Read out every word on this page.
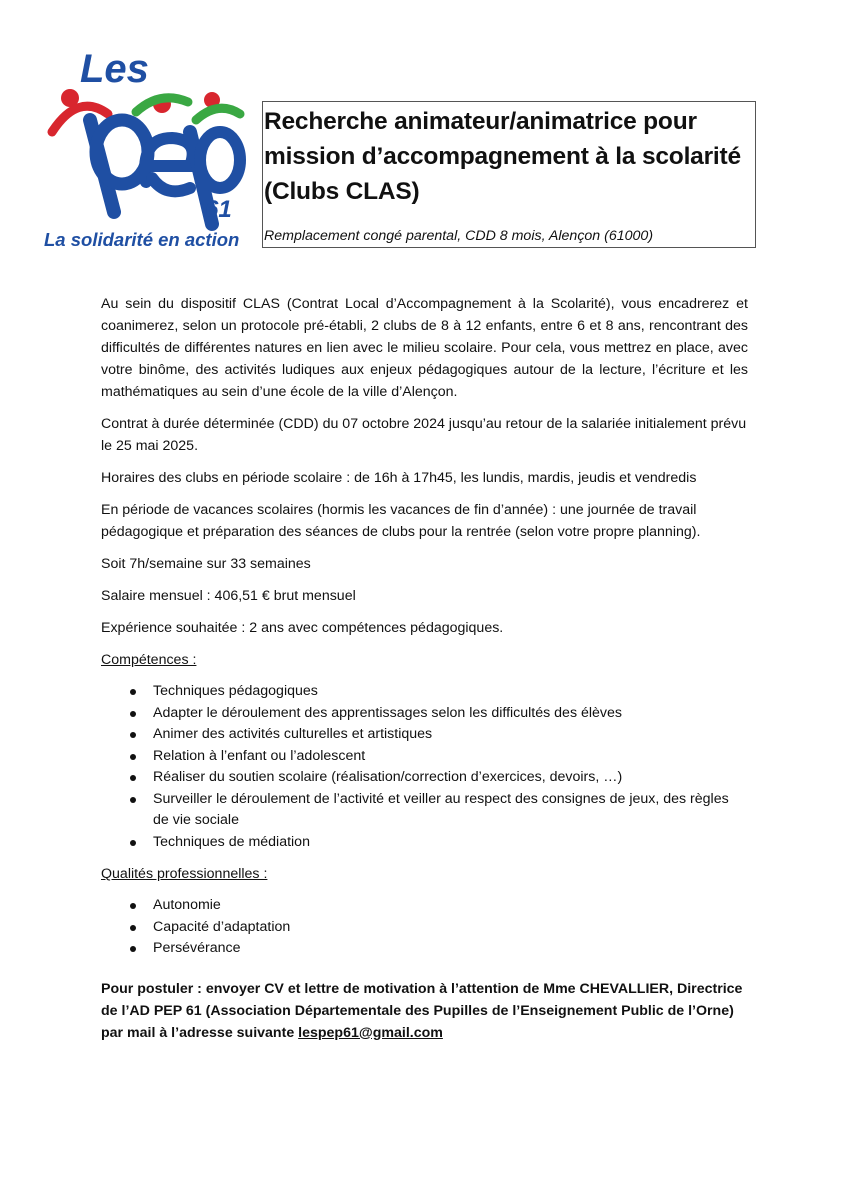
Les
61
La solidarité en action
Recherche animateur/animatrice pour mission d’accompagnement à la scolarité (Clubs CLAS)

Remplacement congé parental, CDD 8 mois, Alençon (61000)

Au sein du dispositif CLAS (Contrat Local d’Accompagnement à la Scolarité), vous encadrerez et coanimerez, selon un protocole pré-établi, 2 clubs de 8 à 12 enfants, entre 6 et 8 ans, rencontrant des difficultés de différentes natures en lien avec le milieu scolaire. Pour cela, vous mettrez en place, avec votre binôme, des activités ludiques aux enjeux pédagogiques autour de la lecture, l’écriture et les mathématiques au sein d’une école de la ville d’Alençon.

Contrat à durée déterminée (CDD) du 07 octobre 2024 jusqu’au retour de la salariée initialement prévu le 25 mai 2025.

Horaires des clubs en période scolaire : de 16h à 17h45, les lundis, mardis, jeudis et vendredis

En période de vacances scolaires (hormis les vacances de fin d’année) : une journée de travail pédagogique et préparation des séances de clubs pour la rentrée (selon votre propre planning).

Soit 7h/semaine sur 33 semaines

Salaire mensuel : 406,51 € brut mensuel

Expérience souhaitée : 2 ans avec compétences pédagogiques.

Compétences :

Techniques pédagogiques
Adapter le déroulement des apprentissages selon les difficultés des élèves
Animer des activités culturelles et artistiques
Relation à l’enfant ou l’adolescent
Réaliser du soutien scolaire (réalisation/correction d’exercices, devoirs, …)
Surveiller le déroulement de l’activité et veiller au respect des consignes de jeux, des règles de vie sociale
Techniques de médiation

Qualités professionnelles :

Autonomie
Capacité d’adaptation
Persévérance

Pour postuler : envoyer CV et lettre de motivation à l’attention de Mme CHEVALLIER, Directrice de l’AD PEP 61 (Association Départementale des Pupilles de l’Enseignement Public de l’Orne) par mail à l’adresse suivante lespep61@gmail.com
